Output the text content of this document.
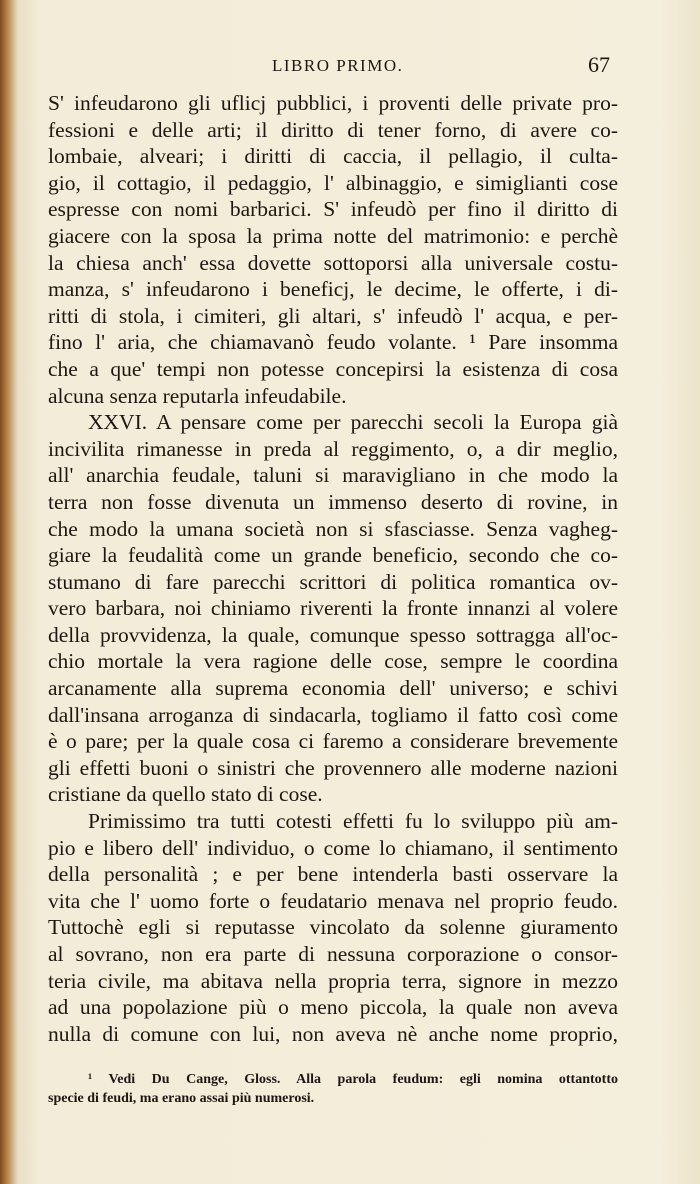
LIBRO PRIMO.	67
S' infeudarono gli uflicj pubblici, i proventi delle private pro-
fessioni e delle arti; il diritto di tener forno, di avere co-
lombaie, alveari; i diritti di caccia, il pellagio, il culta-
gio, il cottagio, il pedaggio, l' albinaggio, e simiglianti cose
espresse con nomi barbarici. S' infeudò per fino il diritto di
giacere con la sposa la prima notte del matrimonio: e perchè
la chiesa anch' essa dovette sottoporsi alla universale costu-
manza, s' infeudarono i beneficj, le decime, le offerte, i di-
ritti di stola, i cimiteri, gli altari, s' infeudò l' acqua, e per-
fino l' aria, che chiamavanò feudo volante. ¹ Pare insomma
che a que' tempi non potesse concepirsi la esistenza di cosa
alcuna senza reputarla infeudabile.
XXVI. A pensare come per parecchi secoli la Europa già
incivilita rimanesse in preda al reggimento, o, a dir meglio,
all' anarchia feudale, taluni si maravigliano in che modo la
terra non fosse divenuta un immenso deserto di rovine, in
che modo la umana società non si sfasciasse. Senza vagheg-
giare la feudalità come un grande beneficio, secondo che co-
stumano di fare parecchi scrittori di politica romantica ov-
vero barbara, noi chiniamo riverenti la fronte innanzi al volere
della provvidenza, la quale, comunque spesso sottragga all'oc-
chio mortale la vera ragione delle cose, sempre le coordina
arcanamente alla suprema economia dell' universo; e schivi
dall'insana arroganza di sindacarla, togliamo il fatto così come
è o pare; per la quale cosa ci faremo a considerare brevemente
gli effetti buoni o sinistri che provennero alle moderne nazioni
cristiane da quello stato di cose.
Primissimo tra tutti cotesti effetti fu lo sviluppo più am-
pio e libero dell' individuo, o come lo chiamano, il sentimento
della personalità ; e per bene intenderla basti osservare la
vita che l' uomo forte o feudatario menava nel proprio feudo.
Tuttochè egli si reputasse vincolato da solenne giuramento
al sovrano, non era parte di nessuna corporazione o consor-
teria civile, ma abitava nella propria terra, signore in mezzo
ad una popolazione più o meno piccola, la quale non aveva
nulla di comune con lui, non aveva nè anche nome proprio,
¹ Vedi Du Cange, Gloss. Alla parola feudum: egli nomina ottantotto
specie di feudi, ma erano assai più numerosi.
